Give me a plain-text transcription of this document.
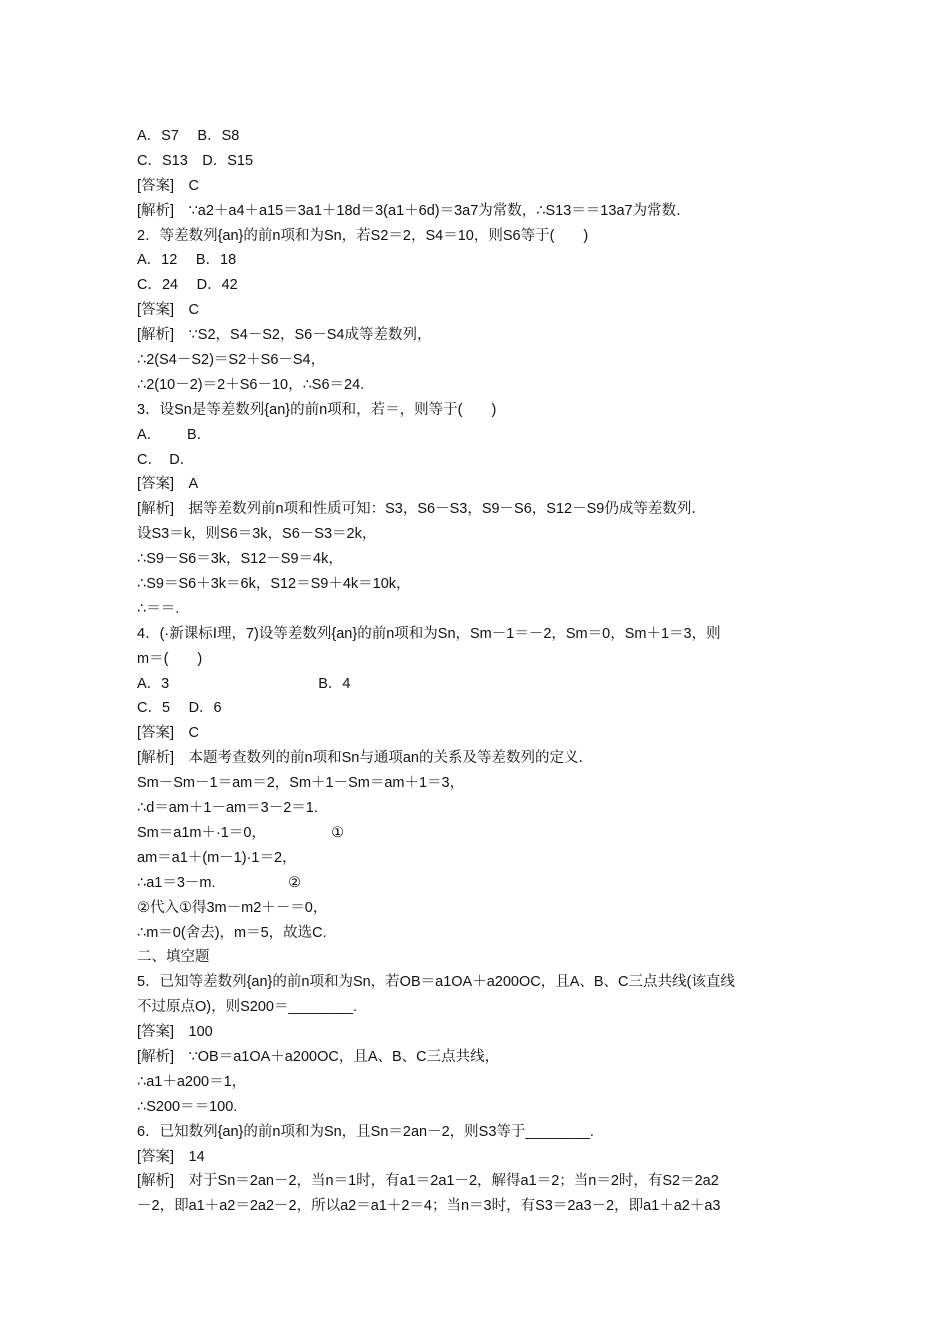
A．S7　 B．S8
C．S13　D．S15
[答案]　C
[解析]　∵a2＋a4＋a15＝3a1＋18d＝3(a1＋6d)＝3a7为常数，∴S13＝＝13a7为常数．
2．等差数列{an}的前n项和为Sn，若S2＝2，S4＝10，则S6等于(　　)
A．12　 B．18
C．24　 D．42
[答案]　C
[解析]　∵S2，S4－S2，S6－S4成等差数列，
∴2(S4－S2)＝S2＋S6－S4，
∴2(10－2)＝2＋S6－10，∴S6＝24.
3．设Sn是等差数列{an}的前n项和，若＝，则等于(　　)
A．　　 B．
C．　D．
[答案]　A
[解析]　据等差数列前n项和性质可知：S3，S6－S3，S9－S6，S12－S9仍成等差数列．
设S3＝k，则S6＝3k，S6－S3＝2k，
∴S9－S6＝3k，S12－S9＝4k，
∴S9＝S6＋3k＝6k，S12＝S9＋4k＝10k，
∴＝＝.
4．(·新课标Ⅰ理，7)设等差数列{an}的前n项和为Sn，Sm－1＝－2，Sm＝0，Sm＋1＝3，则
m＝(　　)
A．3　　　　　　　　　　 B．4
C．5　 D．6
[答案]　C
[解析]　本题考查数列的前n项和Sn与通项an的关系及等差数列的定义．
Sm－Sm－1＝am＝2，Sm＋1－Sm＝am＋1＝3，
∴d＝am＋1－am＝3－2＝1.
Sm＝a1m＋·1＝0，　　　　　①
am＝a1＋(m－1)·1＝2，
∴a1＝3－m.　　　　　②
②代入①得3m－m2＋－＝0，
∴m＝0(舍去)，m＝5，故选C.
二、填空题
5．已知等差数列{an}的前n项和为Sn，若OB＝a1OA＋a200OC，且A、B、C三点共线(该直线
不过原点O)，则S200＝________.
[答案]　100
[解析]　∵OB＝a1OA＋a200OC，且A、B、C三点共线，
∴a1＋a200＝1，
∴S200＝＝100.
6．已知数列{an}的前n项和为Sn，且Sn＝2an－2，则S3等于________.
[答案]　14
[解析]　对于Sn＝2an－2，当n＝1时，有a1＝2a1－2，解得a1＝2；当n＝2时，有S2＝2a2
－2，即a1＋a2＝2a2－2，所以a2＝a1＋2＝4；当n＝3时，有S3＝2a3－2，即a1＋a2＋a3
